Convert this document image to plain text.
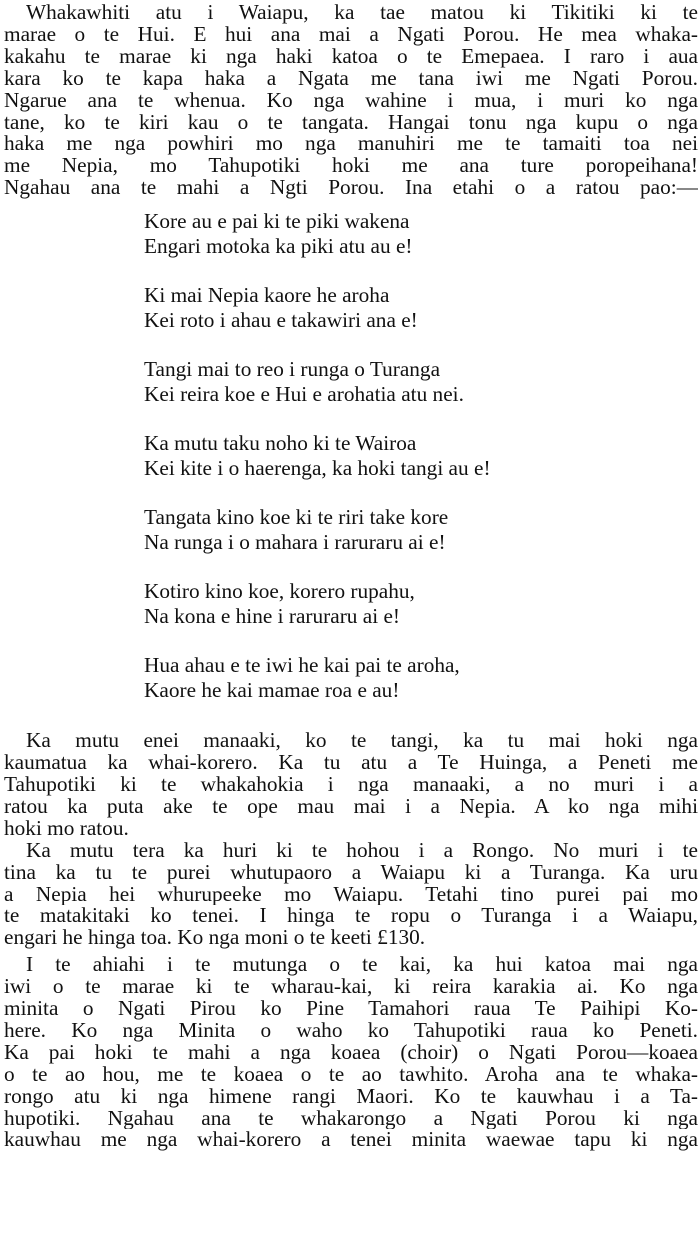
Whakawhiti atu i Waiapu, ka tae matou ki Tikitiki ki te
marae o te Hui. E hui ana mai a Ngati Porou. He mea whaka-
kakahu te marae ki nga haki katoa o te Emepaea. I raro i aua
kara ko te kapa haka a Ngata me tana iwi me Ngati Porou.
Ngarue ana te whenua. Ko nga wahine i mua, i muri ko nga
tane, ko te kiri kau o te tangata. Hangai tonu nga kupu o nga
haka me nga powhiri mo nga manuhiri me te tamaiti toa nei
me Nepia, mo Tahupotiki hoki me ana ture poropeihana!
Ngahau ana te mahi a Ngti Porou. Ina etahi o a ratou pao:—
Kore au e pai ki te piki wakena
Engari motoka ka piki atu au e!
Ki mai Nepia kaore he aroha
Kei roto i ahau e takawiri ana e!
Tangi mai to reo i runga o Turanga
Kei reira koe e Hui e arohatia atu nei.
Ka mutu taku noho ki te Wairoa
Kei kite i o haerenga, ka hoki tangi au e!
Tangata kino koe ki te riri take kore
Na runga i o mahara i raruraru ai e!
Kotiro kino koe, korero rupahu,
Na kona e hine i raruraru ai e!
Hua ahau e te iwi he kai pai te aroha,
Kaore he kai mamae roa e au!
Ka mutu enei manaaki, ko te tangi, ka tu mai hoki nga
kaumatua ka whai-korero. Ka tu atu a Te Huinga, a Peneti me
Tahupotiki ki te whakahokia i nga manaaki, a no muri i a
ratou ka puta ake te ope mau mai i a Nepia. A ko nga mihi
hoki mo ratou.
Ka mutu tera ka huri ki te hohou i a Rongo. No muri i te
tina ka tu te purei whutupaoro a Waiapu ki a Turanga. Ka uru
a Nepia hei whurupeeke mo Waiapu. Tetahi tino purei pai mo
te matakitaki ko tenei. I hinga te ropu o Turanga i a Waiapu,
engari he hinga toa. Ko nga moni o te keeti £130.
I te ahiahi i te mutunga o te kai, ka hui katoa mai nga
iwi o te marae ki te wharau-kai, ki reira karakia ai. Ko nga
minita o Ngati Pirou ko Pine Tamahori raua Te Paihipi Ko-
here. Ko nga Minita o waho ko Tahupotiki raua ko Peneti.
Ka pai hoki te mahi a nga koaea (choir) o Ngati Porou—koaea
o te ao hou, me te koaea o te ao tawhito. Aroha ana te whaka-
rongo atu ki nga himene rangi Maori. Ko te kauwhau i a Ta-
hupotiki. Ngahau ana te whakarongo a Ngati Porou ki nga
kauwhau me nga whai-korero a tenei minita waewae tapu ki nga
